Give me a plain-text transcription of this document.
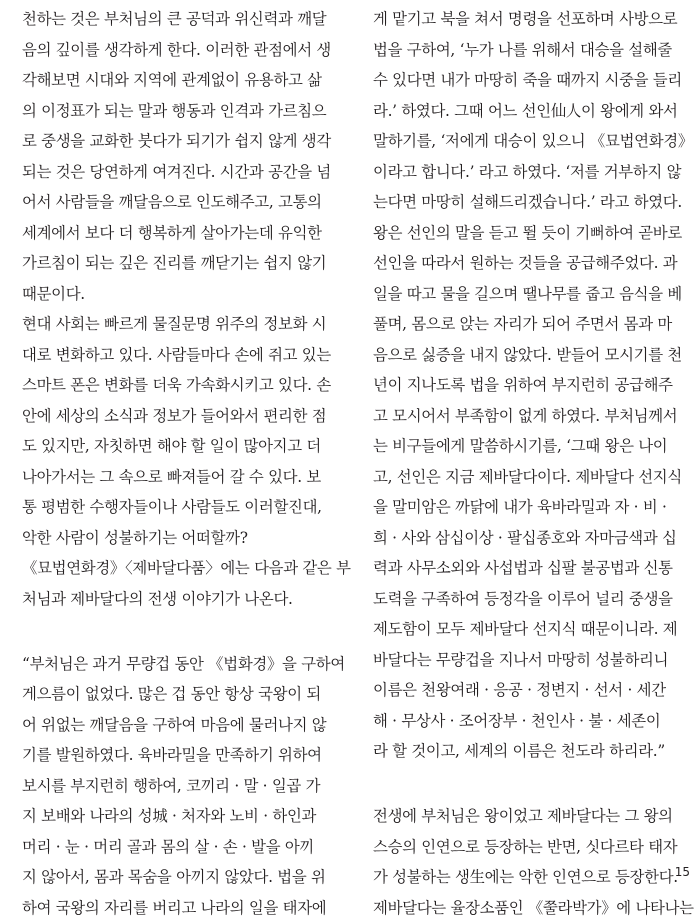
천하는 것은 부처님의 큰 공덕과 위신력과 깨달
음의 깊이를 생각하게 한다. 이러한 관점에서 생
각해보면 시대와 지역에 관계없이 유용하고 삶
의 이정표가 되는 말과 행동과 인격과 가르침으
로 중생을 교화한 붓다가 되기가 쉽지 않게 생각
되는 것은 당연하게 여겨진다. 시간과 공간을 넘
어서 사람들을 깨달음으로 인도해주고, 고통의
세계에서 보다 더 행복하게 살아가는데 유익한
가르침이 되는 깊은 진리를 깨닫기는 쉽지 않기
때문이다.
현대 사회는 빠르게 물질문명 위주의 정보화 시
대로 변화하고 있다. 사람들마다 손에 쥐고 있는
스마트 폰은 변화를 더욱 가속화시키고 있다. 손
안에 세상의 소식과 정보가 들어와서 편리한 점
도 있지만, 자칫하면 해야 할 일이 많아지고 더
나아가서는 그 속으로 빠져들어 갈 수 있다. 보
통 평범한 수행자들이나 사람들도 이러할진대,
악한 사람이 성불하기는 어떠할까?
《묘법연화경》〈제바달다품〉에는 다음과 같은 부
처님과 제바달다의 전생 이야기가 나온다.
“부처님은 과거 무량겁 동안 《법화경》을 구하여
게으름이 없었다. 많은 겁 동안 항상 국왕이 되
어 위없는 깨달음을 구하여 마음에 물러나지 않
기를 발원하였다. 육바라밀을 만족하기 위하여
보시를 부지런히 행하여, 코끼리 · 말 · 일곱 가
지 보배와 나라의 성城 · 처자와 노비 · 하인과
머리 · 눈 · 머리 골과 몸의 살 · 손 · 발을 아끼
지 않아서, 몸과 목숨을 아끼지 않았다. 법을 위
하여 국왕의 자리를 버리고 나라의 일을 태자에
게 맡기고 북을 쳐서 명령을 선포하며 사방으로
법을 구하여, ‘누가 나를 위해서 대승을 설해줄
수 있다면 내가 마땅히 죽을 때까지 시중을 들리
라.’ 하였다. 그때 어느 선인仙人이 왕에게 와서
말하기를, ‘저에게 대승이 있으니 《묘법연화경》
이라고 합니다.’ 라고 하였다. ‘저를 거부하지 않
는다면 마땅히 설해드리겠습니다.’ 라고 하였다.
왕은 선인의 말을 듣고 뛸 듯이 기뻐하여 곧바로
선인을 따라서 원하는 것들을 공급해주었다. 과
일을 따고 물을 길으며 땔나무를 줍고 음식을 베
풀며, 몸으로 앉는 자리가 되어 주면서 몸과 마
음으로 싫증을 내지 않았다. 받들어 모시기를 천
년이 지나도록 법을 위하여 부지런히 공급해주
고 모시어서 부족함이 없게 하였다. 부처님께서
는 비구들에게 말씀하시기를, ‘그때 왕은 나이
고, 선인은 지금 제바달다이다. 제바달다 선지식
을 말미암은 까닭에 내가 육바라밀과 자 · 비 ·
희 · 사와 삼십이상 · 팔십종호와 자마금색과 십
력과 사무소외와 사섭법과 십팔 불공법과 신통
도력을 구족하여 등정각을 이루어 널리 중생을
제도함이 모두 제바달다 선지식 때문이니라. 제
바달다는 무량겁을 지나서 마땅히 성불하리니
이름은 천왕여래 · 응공 · 정변지 · 선서 · 세간
해 · 무상사 · 조어장부 · 천인사 · 불 · 세존이
라 할 것이고, 세계의 이름은 천도라 하리라.”
전생에 부처님은 왕이었고 제바달다는 그 왕의
스승의 인연으로 등장하는 반면, 싯다르타 태자
가 성불하는 생生에는 악한 인연으로 등장한다.
제바달다는 율장소품인 《쭐라박가》에 나타나는
15
